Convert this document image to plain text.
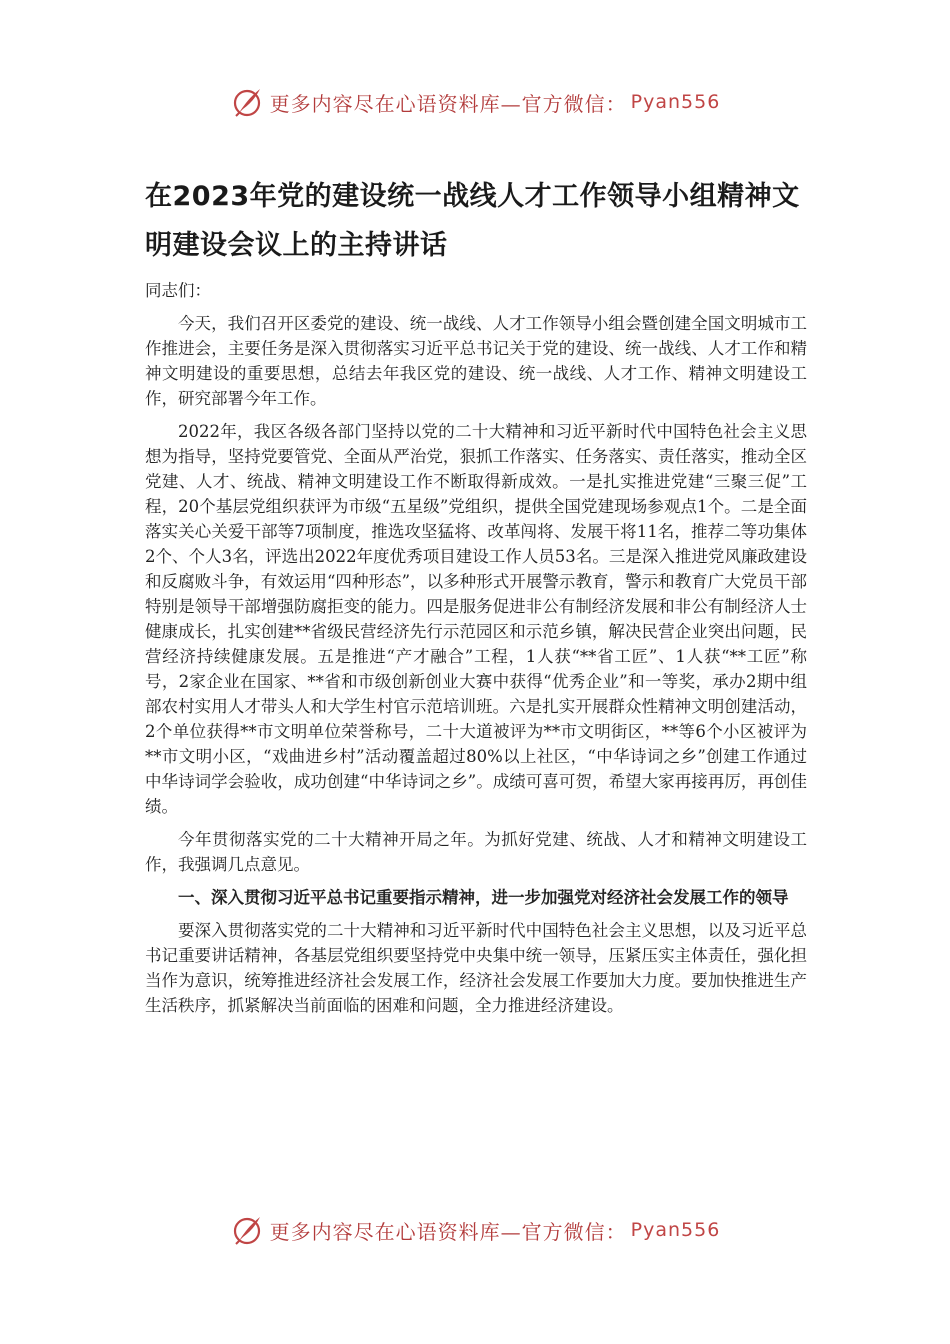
更多内容尽在心语资料库—官方微信： Pyan556
在2023年党的建设统一战线人才工作领导小组精神文明建设会议上的主持讲话

同志们：

今天，我们召开区委党的建设、统一战线、人才工作领导小组会暨创建全国文明城市工作推进会，主要任务是深入贯彻落实习近平总书记关于党的建设、统一战线、人才工作和精神文明建设的重要思想，总结去年我区党的建设、统一战线、人才工作、精神文明建设工作，研究部署今年工作。

2022年，我区各级各部门坚持以党的二十大精神和习近平新时代中国特色社会主义思想为指导，坚持党要管党、全面从严治党，狠抓工作落实、任务落实、责任落实，推动全区党建、人才、统战、精神文明建设工作不断取得新成效。一是扎实推进党建“三聚三促”工程，20个基层党组织获评为市级“五星级”党组织，提供全国党建现场参观点1个。二是全面落实关心关爱干部等7项制度，推选攻坚猛将、改革闯将、发展干将11名，推荐二等功集体2个、个人3名，评选出2022年度优秀项目建设工作人员53名。三是深入推进党风廉政建设和反腐败斗争，有效运用“四种形态”，以多种形式开展警示教育，警示和教育广大党员干部特别是领导干部增强防腐拒变的能力。四是服务促进非公有制经济发展和非公有制经济人士健康成长，扎实创建**省级民营经济先行示范园区和示范乡镇，解决民营企业突出问题，民营经济持续健康发展。五是推进“产才融合”工程，1人获“**省工匠”、1人获“**工匠”称号，2家企业在国家、**省和市级创新创业大赛中获得“优秀企业”和一等奖，承办2期中组部农村实用人才带头人和大学生村官示范培训班。六是扎实开展群众性精神文明创建活动，2个单位获得**市文明单位荣誉称号，二十大道被评为**市文明街区，**等6个小区被评为**市文明小区，“戏曲进乡村”活动覆盖超过80%以上社区，“中华诗词之乡”创建工作通过中华诗词学会验收，成功创建“中华诗词之乡”。成绩可喜可贺，希望大家再接再厉，再创佳绩。

今年贯彻落实党的二十大精神开局之年。为抓好党建、统战、人才和精神文明建设工作，我强调几点意见。

一、深入贯彻习近平总书记重要指示精神，进一步加强党对经济社会发展工作的领导

要深入贯彻落实党的二十大精神和习近平新时代中国特色社会主义思想，以及习近平总书记重要讲话精神，各基层党组织要坚持党中央集中统一领导，压紧压实主体责任，强化担当作为意识，统筹推进经济社会发展工作，经济社会发展工作要加大力度。要加快推进生产生活秩序，抓紧解决当前面临的困难和问题，全力推进经济建设。

更多内容尽在心语资料库—官方微信： Pyan556
